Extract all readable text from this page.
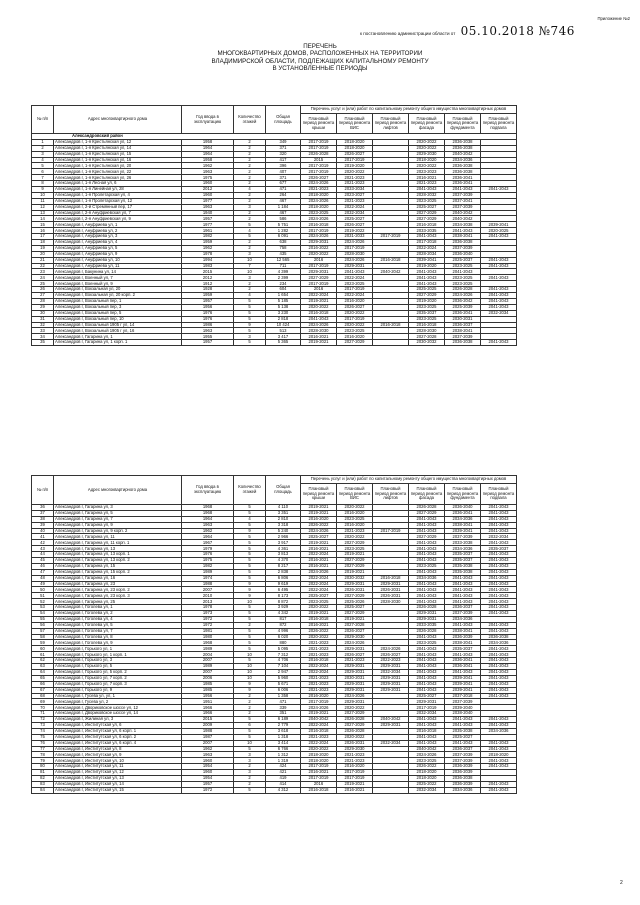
Приложение №2
к постановлению администрации области от 05.10.2018 №746
ПЕРЕЧЕНЬ
МНОГОКВАРТИРНЫХ ДОМОВ, РАСПОЛОЖЕННЫХ НА ТЕРРИТОРИИ
ВЛАДИМИРСКОЙ ОБЛАСТИ, ПОДЛЕЖАЩИХ КАПИТАЛЬНОМУ РЕМОНТУ
В УСТАНОВЛЕННЫЕ ПЕРИОДЫ
№ п/п	Адрес многоквартирного дома	Год ввода в эксплуатацию	Количество этажей	Общая площадь	Перечень услуг и (или) работ по капитальному ремонту общего имущества многоквартирных домов					
					Плановый период ремонта крыши	Плановый период ремонта ВИС	Плановый период ремонта лифтов	Плановый период ремонта фасада	Плановый период ремонта фундамента	Плановый период ремонта подвала
Александровский район										
1	Александров г, 1-я Крестьянская ул, 12	1958	2	349	2017-2019	2018-2020		2020-2022	2036-2038	
2	Александров г, 1-я Крестьянская ул, 14	1964	2	371	2017-2019	2018-2020		2020-2022	2036-2038	
3	Александров г, 1-я Крестьянская ул, 15	1964	2	320	2026-2028	2026-2027		2029-2030	2040-2042	
4	Александров г, 1-я Крестьянская ул, 16	1958	2	417	2015	2017-2019		2018-2020	2034-2036	
5	Александров г, 1-я Крестьянская ул, 20	1962	2	396	2017-2019	2019-2020		2020-2022	2036-2038	
6	Александров г, 1-я Крестьянская ул, 22	1963	2	407	2017-2019	2020-2022		2023-2023	2036-2038	
7	Александров г, 1-я Крестьянская ул, 26	1975	2	371	2026-2027	2021-2023		2016-2021	2036-2041	
8	Александров г, 1-я Лесная ул, 6	1960	2	677	2024-2026	2021-2023		2021-2023	2036-2041	
9	Александров г, 1-я Линейная ул, 28	2012	4	471	2021-2023	2033-2034		2041-2043	2041-2043	2041-2043
10	Александров г, 1-я Пролетарская ул, 4	1960	2	264	2018-2020	2023-2027		2028-2032	2037-2039	
11	Александров г, 1-я Пролетарская ул, 12	1977	2	467	2024-2026	2021-2023		2023-2025	2037-2041	
12	Александров г, 2-й Стремянный пер, 17	1963	3	1 184	2018-2020	2022-2024		2025-2027	2037-2039	
13	Александров г, 2-я Ануфриевская ул, 7	1940	2	467	2023-2025	2032-2034		2027-2029	2040-2042	
14	Александров г, 2-я Ануфриевская ул, 9	1957	2	586	2024-2026	2025-2027		2027-2029	2040-2042	
15	Александров г, Ануфриева ул, 1	1977	5	5 751	2016-2018	2026-2027		2016-2018	2034-2038	2039-2041
16	Александров г, Ануфриева ул, 2	1961	4	1 282	2017-2019	2019-2022		2033-2035	2041-2043	2020-2025
17	Александров г, Ануфриева ул, 3	1982	5	6 091	2024-2026	2031-2033	2017-2019	2041-2043	2038-2041	2041-2043
18	Александров г, Ануфриева ул, 4	1959	2	638	2029-2031	2024-2026		2017-2018	2036-2038	
19	Александров г, Ануфриева ул, 5	1962	2	758	2016-2022	2017-2019		2022-2024	2037-2039	
20	Александров г, Ануфриева ул, 9	1978	3	435	2020-2022	2028-2030		2028-2034	2036-2040	
21	Александров г, Ануфриева ул, 10	1994	10	12 565	2016	2024-2026	2016-2018	2039-2041	2025-2037	2041-2043
22	Александров г, Ануфриева ул, 11	1983	7	711	2017-2019	2029-2031		2019-2020	2023-2025	2041-2043
23	Александров г, Бакунина ул, 14	2015	10	4 399	2029-2031	2041-2043	2040-2042	2041-2043	2041-2043	
24	Александров г, Военный ул, 7	2012	3	2 399	2027-2029	2022-2024		2041-2043	2023-2025	2041-2043
25	Александров г, Военный ул, 9	1912	2	234	2017-2019	2023-2025		2041-2043	2023-2025	
26	Александров г, Вокзальная ул, 20	1928	2	604	2016	2017-2019		2025-2025	2026-2028	2041-2043
27	Александров г, Вокзальная ул, 20 корп. 2	1959	4	1 654	2022-2024	2022-2024		2027-2029	2024-2026	2041-2043
28	Александров г, Вокзальный пер, 1	1957	5	5 185	2019-2021	2016-2020		2019-2020	2036-2042	2041-2043
29	Александров г, Вокзальный пер, 3	1956	5	5 138	2020-2022	2026-2027		2023-2025	2025-2039	2041-2043
30	Александров г, Вокзальный пер, 5	1976	5	3 230	2016-2018	2020-2022		2035-2037	2036-2041	2032-2034
31	Александров г, Вокзальный пер, 10	1976	5	2 818	2041-2043	2017-2019		2023-2025	2030-2031	
32	Александров г, Вокзальный 1905 г ул, 14	1986	9	10 424	2024-2026	2020-2022	2016-2018	2016-2018	2036-2037	
33	Александров г, Вокзальный 1905 г ул, 16	1963	5	513	2028-2030	2023-2025		2028-2030	2038-2041	
34	Александров г, Гагарина ул, 1	1955	3	3 417	2016-2021	2016-2020		2027-2028	2037-2039	
35	Александров г, Гагарина ул, 1 корп. 1	1957	5	5 365	2019-2021	2027-2029		2030-2032	2036-2038	2041-2043
№ п/п	Адрес многоквартирного дома	Год ввода в эксплуатацию	Количество этажей	Общая площадь	Перечень услуг и (или) работ по капитальному ремонту общего имущества многоквартирных домов					
					Плановый период ремонта крыши	Плановый период ремонта ВИС	Плановый период ремонта лифтов	Плановый период ремонта фасада	Плановый период ремонта фундамента	Плановый период ремонта подвала
36	Александров г, Гагарина ул, 3	1968	5	4 110	2019-2021	2020-2022		2026-2028	2036-2040	2041-2043
37	Александров г, Гагарина ул, 5	1968	5	3 351	2019-2021	2016-2020		2027-2029	2036-2041	2041-2043
38	Александров г, Гагарина ул, 7	1964	4	2 810	2016-2020	2023-2025		2041-2043	2034-2036	2041-2043
39	Александров г, Гагарина ул, 9	1963	5	3 318	2026-2022	2016-2020		2041-2043	2038-2041	2041-2043
40	Александров г, Гагарина ул, 9 корп. 2	1962	9	5 240	2024-2026	2021-2023	2017-2019	2041-2043	2039-2041	2041-2043
41	Александров г, Гагарина ул, 11	1964	5	2 966	2025-2027	2020-2022		2027-2029	2037-2039	2032-2034
42	Александров г, Гагарина ул, 11 корп. 1	1967	5	3 917	2019-2021	2027-2029		2041-2043	2033-2038	2041-2043
43	Александров г, Гагарина ул, 13	1979	5	4 361	2016-2021	2023-2025		2041-2043	2034-2036	2035-2037
44	Александров г, Гагарина ул, 13 корп. 1	1976	5	3 813	2022-2024	2019-2021		2041-2043	2035-2037	2041-2043
45	Александров г, Гагарина ул, 13 корп. 2	1975	5	4 370	2016-2021	2027-2029		2041-2043	2035-2037	2041-2043
46	Александров г, Гагарина ул, 15	1982	5	8 217	2016-2021	2027-2029		2023-2025	2035-2038	2041-2043
47	Александров г, Гагарина ул, 15 корп. 2	1989	5	2 838	2024-2026	2019-2021		2041-2043	2035-2038	2041-2043
48	Александров г, Гагарина ул, 16	1974	5	6 806	2022-2024	2030-2032	2016-2018	2034-2036	2041-2043	2041-2043
49	Александров г, Гагарина ул, 23	1988	9	9 619	2022-2024	2029-2031	2029-2031	2041-2043	2041-2043	2041-2043
50	Александров г, Гагарина ул, 23 корп. 2	2007	9	6 495	2022-2024	2026-2031	2026-2031	2041-2043	2041-2043	2041-2043
51	Александров г, Гагарина ул, 23 корп. 3	2010	9	8 173	2025-2027	2027-2029	2026-2031	2041-2043	2041-2043	2041-2043
52	Александров г, Гагарина ул, 25	2013	10	8 872	2023-2025	2025-2026	2028-2030	2041-2043	2041-2043	2041-2043
53	Александров г, Гоголева ул, 1	1978	5	3 929	2020-2022	2025-2027		2026-2028	2036-2037	2041-2043
54	Александров г, Гоголева ул, 2	1973	5	4 342	2019-2021	2027-2029		2029-2031	2037-2039	2041-2043
55	Александров г, Гоголева ул, 4	1972	5	817	2016-2018	2019-2021		2029-2031	2034-2036	
56	Александров г, Гоголева ул, 5	1972	2	872	2016-2021	2027-2028		2033-2035	2041-2043	2041-2043
57	Александров г, Гоголева ул, 7	1981	5	4 996	2026-2022	2026-2027		2026-2028	2038-2041	2041-2043
58	Александров г, Гоголева ул, 8	1980	5	6 020	2020-2022	2029-2030		2041-2043	2036-2039	2036-2038
59	Александров г, Гоголева ул, 9	1968	5	880	2021-2023	2024-2026		2023-2025	2038-2041	2034-2036
60	Александров г, Горького ул, 1	1989	5	5 095	2021-2023	2029-2031	2024-2026	2041-2043	2035-2037	2041-2043
61	Александров г, Горького ул, 1 корп. 1	2004	10	7 312	2021-2023	2026-2027	2026-2027	2041-2043	2041-2043	2041-2043
62	Александров г, Горького ул, 3	2007	5	4 706	2016-2018	2021-2023	2022-2023	2041-2043	2036-2041	2041-2043
63	Александров г, Горького ул, 5	1989	10	7 104	2022-2024	2029-2031	2029-2031	2041-2043	2036-2041	2041-2043
64	Александров г, Горького ул, 5 корп. 2	2007	10	2 947	2022-2024	2029-2031	2032-2034	2041-2043	2041-2043	2041-2043
65	Александров г, Горького ул, 7 корп. 2	2006	10	5 960	2021-2023	2030-2031	2029-2031	2041-2043	2039-2041	2041-2043
66	Александров г, Горького ул, 7 корп. 3	1985	9	5 671	2021-2023	2029-2031	2029-2031	2041-2043	2039-2041	2041-2043
67	Александров г, Горького ул, 9	1985	9	6 006	2021-2023	2029-2031	2029-2031	2041-2043	2039-2041	2041-2043
68	Александров г, Гусева ул, ул, 1	1956	2	1 358	2016-2020	2024-2026		2025-2027	2037-2018	2041-2043
69	Александров г, Гусева ул, 2	1951	2	471	2017-2019	2029-2031		2029-2031	2037-2039	
70	Александров г, Двориковское шоссе ул, 12	1966	2	339	2024-2026	2020-2022		2017-2019	2039-2040	
71	Александров г, Двориковское шоссе ул, 14	1966	2	351	2019-2021	2027-2029		2032-2034	2038-2040	
72	Александров г, Жилиная ул, 3	2015	5	6 189	2040-2042	2026-2028	2040-2042	2041-2043	2041-2043	2041-2043
73	Александров г, Институтская ул, 6	2009	6	2 779	2022-2024	2027-2029	2029-2031	2041-2043	2041-2043	2041-2043
74	Александров г, Институтская ул, 6 корп. 1	1988	5	3 618	2016-2018	2026-2028		2016-2018	2035-2038	2034-2036
75	Александров г, Институтская ул, 6 корп. 2	1987	5	1 318	2021-2023	2020-2022		2041-2043	2025-2027	
76	Александров г, Институтская ул, 6 корп. 4	2007	10	3 414	2022-2024	2026-2031	2032-2034	2041-2043	2041-2043	2041-2043
77	Александров г, Институтская ул, 8	1962	5	6 766	2020-2022	2029-2030		2040-2042	2036-2037	2041-2043
78	Александров г, Институтская ул, 9	1963	3	1 312	2018-2020	2021-2023		2024-2026	2037-2039	2018-2020
79	Александров г, Институтская ул, 10	1960	3	1 319	2018-2020	2021-2023		2023-2025	2037-2039	2041-2043
80	Александров г, Институтская ул, 11	1954	2	424	2017-2019	2016-2020		2026-2022	2036-2039	2041-2043
81	Александров г, Институтская ул, 12	1960	3	421	2016-2021	2017-2019		2018-2020	2036-2039	
82	Александров г, Институтская ул, 13	1954	2	419	2017-2019	2017-2019		2018-2020	2036-2038	
83	Александров г, Институтская ул, 14	1957	2	414	2016	2019-2021		2025-2022	2036-2039	2041-2043
84	Александров г, Институтская ул, 15	1972	5	4 312	2016-2018	2016-2021		2032-2034	2034-2036	2041-2043
2
